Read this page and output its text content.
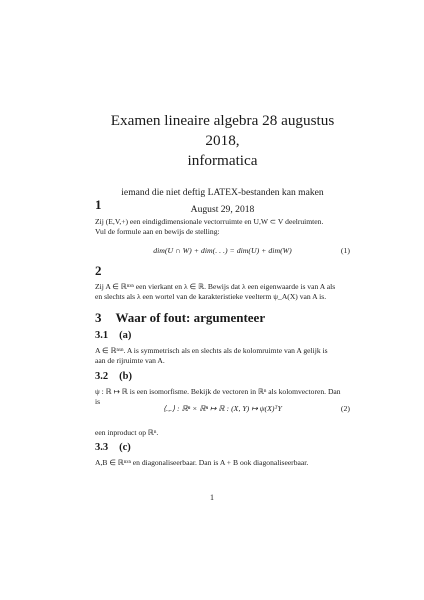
Examen lineaire algebra 28 augustus 2018,
informatica
iemand die niet deftig LATEX-bestanden kan maken
August 29, 2018
1

Zij (E,V,+) een eindigdimensionale vectorruimte en U,W ⊂ V deelruimten.

Vul de formule aan en bewijs de stelling:

dim(U ∩ W) + dim(. . .) = dim(U) + dim(W)	(1)
2

Zij A ∈ ℝⁿˣⁿ een vierkant en λ ∈ ℝ. Bewijs dat λ een eigenwaarde is van A als

en slechts als λ een wortel van de karakteristieke veelterm ψ_A(X) van A is.

3 Waar of fout: argumenteer
3.1 (a)

A ∈ ℝⁿˣⁿ. A is symmetrisch als en slechts als de kolomruimte van A gelijk is

aan de rijruimte van A.

3.2 (b)

ψ : ℝ ↦ ℝ is een isomorfisme. Bekijk de vectoren in ℝⁿ als kolomvectoren. Dan

is

⟨.,.⟩ : ℝⁿ × ℝⁿ ↦ ℝ : (X, Y) ↦ ψ(X)ᵀY	(2)

een inproduct op ℝⁿ.

3.3 (c)

A,B ∈ ℝⁿˣⁿ en diagonaliseerbaar. Dan is A + B ook diagonaliseerbaar.

1
